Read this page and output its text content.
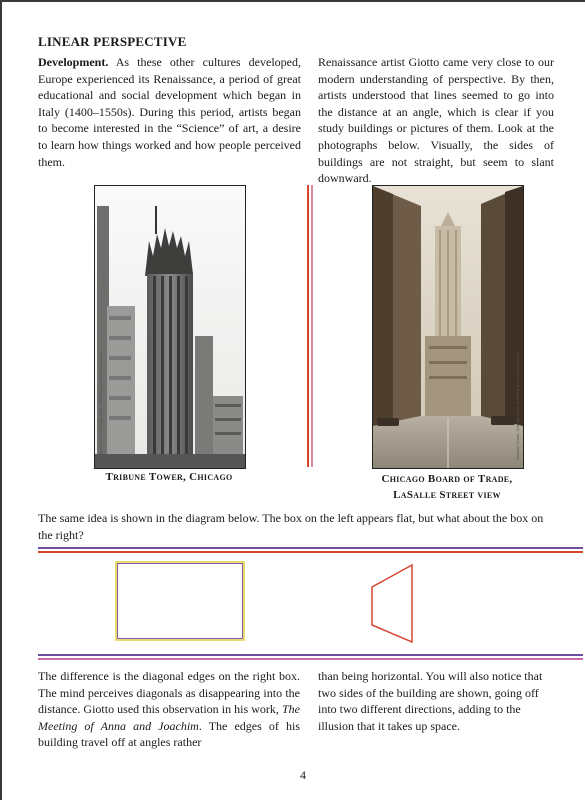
LINEAR PERSPECTIVE
Development. As these other cultures developed, Europe experienced its Renaissance, a period of great educational and social development which began in Italy (1400–1550s). During this period, artists began to become interested in the “Science” of art, a desire to learn how things worked and how people perceived them.
Renaissance artist Giotto came very close to our modern understanding of perspective. By then, artists understood that lines seemed to go into the distance at an angle, which is clear if you study buildings or pictures of them. Look at the photographs below. Visually, the sides of buildings are not straight, but seem to slant downward.
Stephen Reed, Chicago Dept. of Planning and Development	Barbara Crane, Chicago Dept. of Planning and Development
Tribune Tower, Chicago	Chicago Board of Trade,
LaSalle Street view
The same idea is shown in the diagram below. The box on the left appears flat, but what about the box on the right?
The difference is the diagonal edges on the right box. The mind perceives diagonals as disappearing into the distance. Giotto used this observation in his work, The Meeting of Anna and Joachim. The edges of his building travel off at angles rather
than being horizontal. You will also notice that two sides of the building are shown, going off into two different directions, adding to the illusion that it takes up space.
4
